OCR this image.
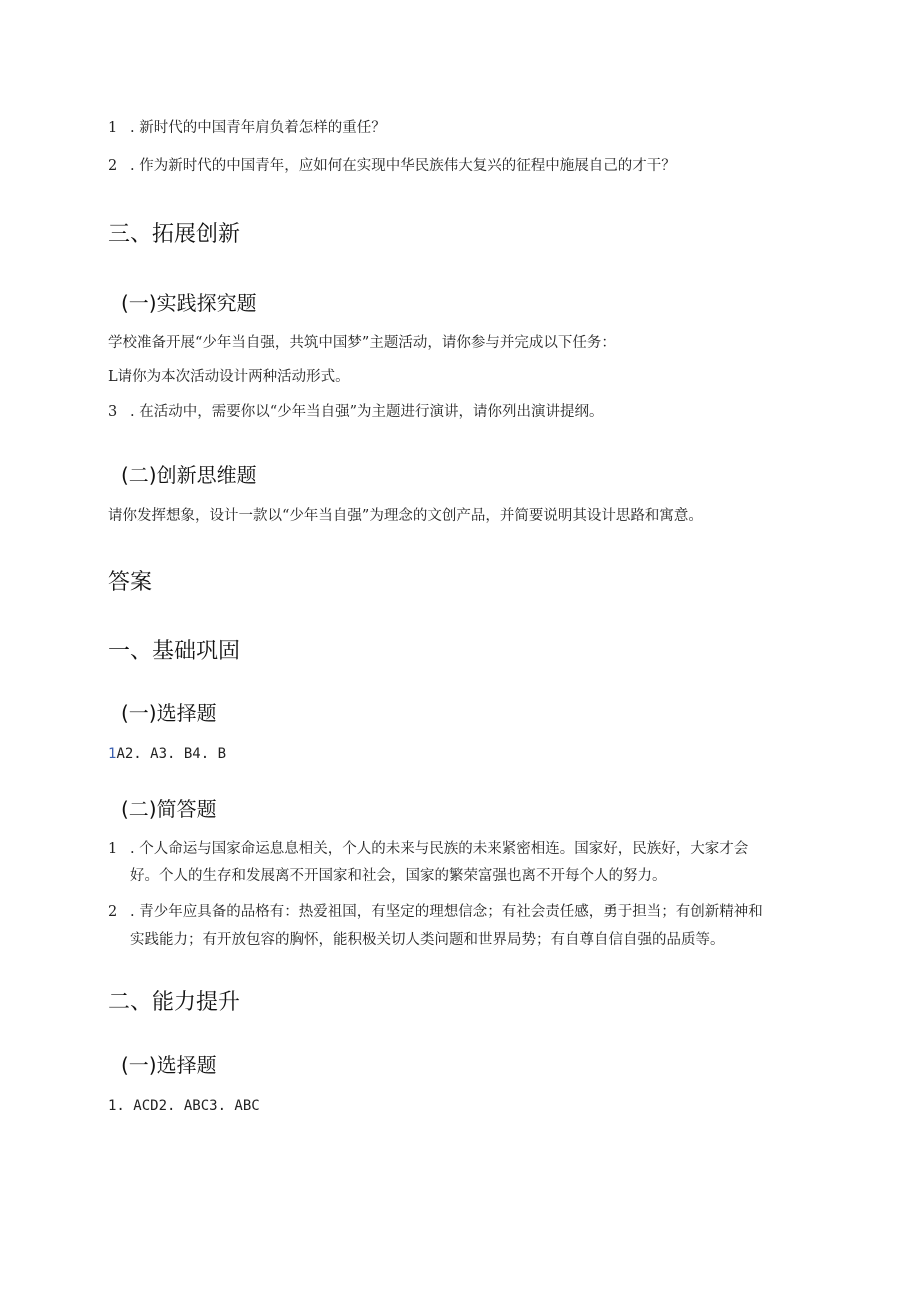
1 . 新时代的中国青年肩负着怎样的重任？
2 . 作为新时代的中国青年，应如何在实现中华民族伟大复兴的征程中施展自己的才干？
三、拓展创新
(一)实践探究题
学校准备开展“少年当自强，共筑中国梦”主题活动，请你参与并完成以下任务：
L请你为本次活动设计两种活动形式。
3 . 在活动中，需要你以“少年当自强”为主题进行演讲，请你列出演讲提纲。
(二)创新思维题
请你发挥想象，设计一款以“少年当自强”为理念的文创产品，并简要说明其设计思路和寓意。
答案
一、基础巩固
(一)选择题
1A2. A3. B4. B
(二)简答题
1 . 个人命运与国家命运息息相关，个人的未来与民族的未来紧密相连。国家好，民族好，大家才会
好。个人的生存和发展离不开国家和社会，国家的繁荣富强也离不开每个人的努力。
2 . 青少年应具备的品格有：热爱祖国，有坚定的理想信念；有社会责任感，勇于担当；有创新精神和
实践能力；有开放包容的胸怀，能积极关切人类问题和世界局势；有自尊自信自强的品质等。
二、能力提升
(一)选择题
1. ACD2. ABC3. ABC
